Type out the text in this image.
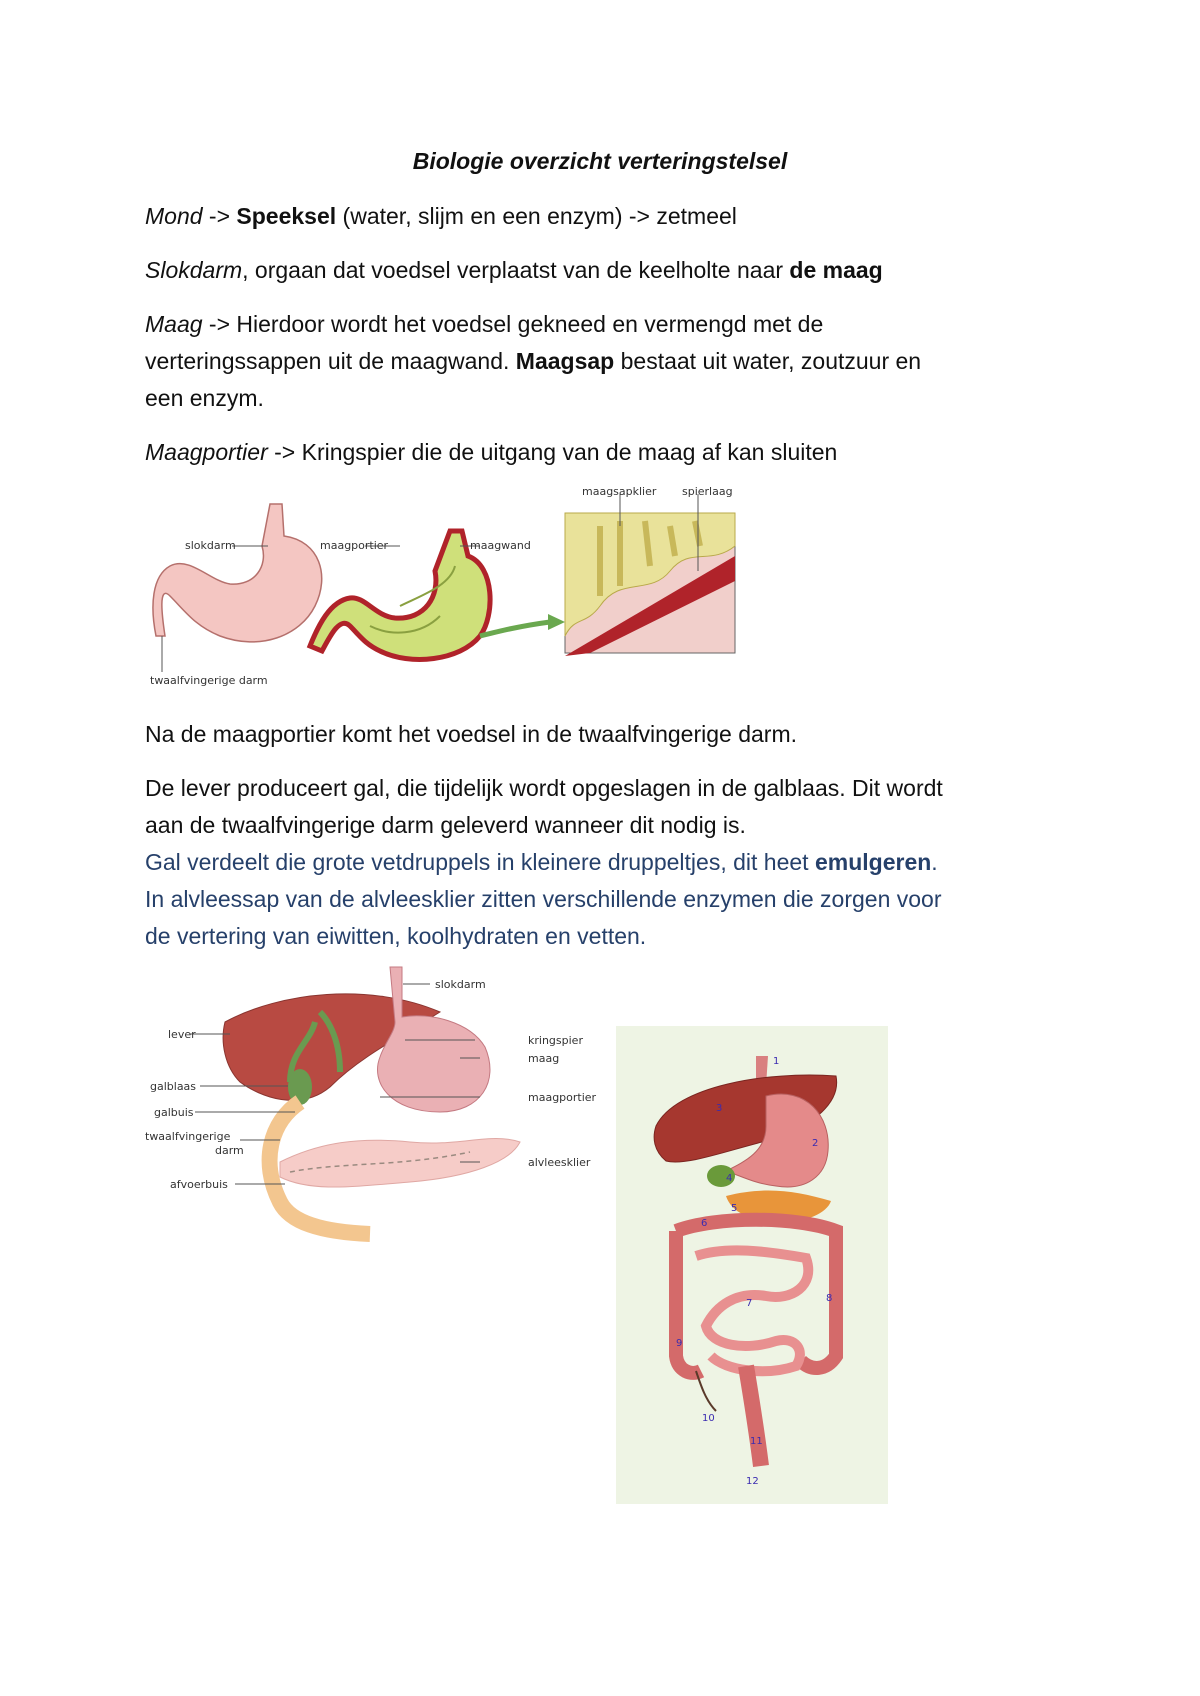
Biologie overzicht verteringstelsel
Mond -> Speeksel (water, slijm en een enzym) -> zetmeel
Slokdarm, orgaan dat voedsel verplaatst van de keelholte naar de maag
Maag -> Hierdoor wordt het voedsel gekneed en vermengd met de
verteringssappen uit de maagwand. Maagsap bestaat uit water, zoutzuur en
een enzym.
Maagportier -> Kringspier die de uitgang van de maag af kan sluiten
slokdarm
twaalfvingerige darm
maagportier	maagwand
maagsapklier spierlaag
Na de maagportier komt het voedsel in de twaalfvingerige darm.
De lever produceert gal, die tijdelijk wordt opgeslagen in de galblaas. Dit wordt
aan de twaalfvingerige darm geleverd wanneer dit nodig is.
Gal verdeelt die grote vetdruppels in kleinere druppeltjes, dit heet emulgeren.
In alvleessap van de alvleesklier zitten verschillende enzymen die zorgen voor
de vertering van eiwitten, koolhydraten en vetten.
slokdarm
lever	kringspier
maag
galblaas
galbuis
maagportier
twaalfvingerige
darm
alvleesklier
afvoerbuis
1
2
3
4
5
6
7	8
9
10
11
12
